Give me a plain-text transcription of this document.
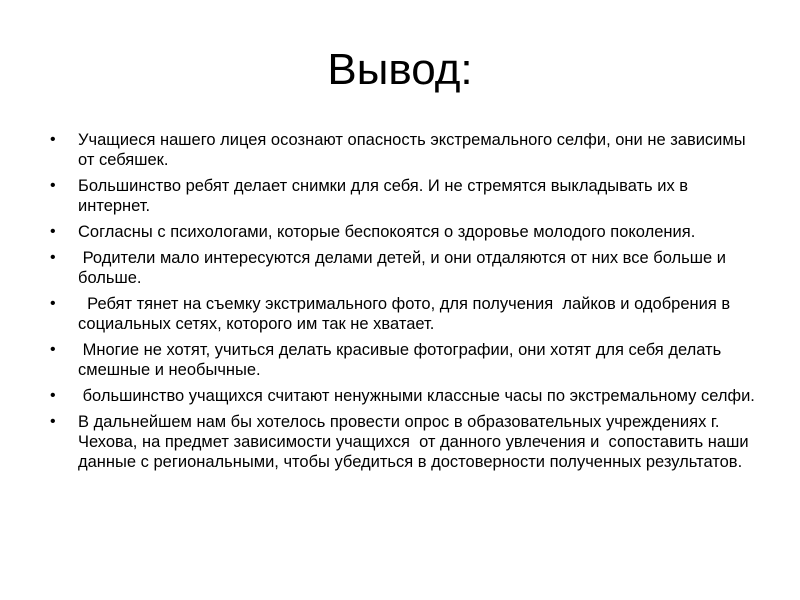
Вывод:
• Учащиеся нашего лицея осознают опасность экстремального селфи, они не зависимы от себяшек.
• Большинство ребят делает снимки для себя. И не стремятся выкладывать их в интернет.
• Согласны с психологами, которые беспокоятся о здоровье молодого поколения.
• Родители мало интересуются делами детей, и они отдаляются от них все больше и больше.
• Ребят тянет на съемку экстримального фото, для получения  лайков и одобрения в социальных сетях, которого им так не хватает.
• Многие не хотят, учиться делать красивые фотографии, они хотят для себя делать смешные и необычные.
• большинство учащихся считают ненужными классные часы по экстремальному селфи.
• В дальнейшем нам бы хотелось провести опрос в образовательных учреждениях г. Чехова, на предмет зависимости учащихся  от данного увлечения и  сопоставить наши данные с региональными, чтобы убедиться в достоверности полученных результатов.
